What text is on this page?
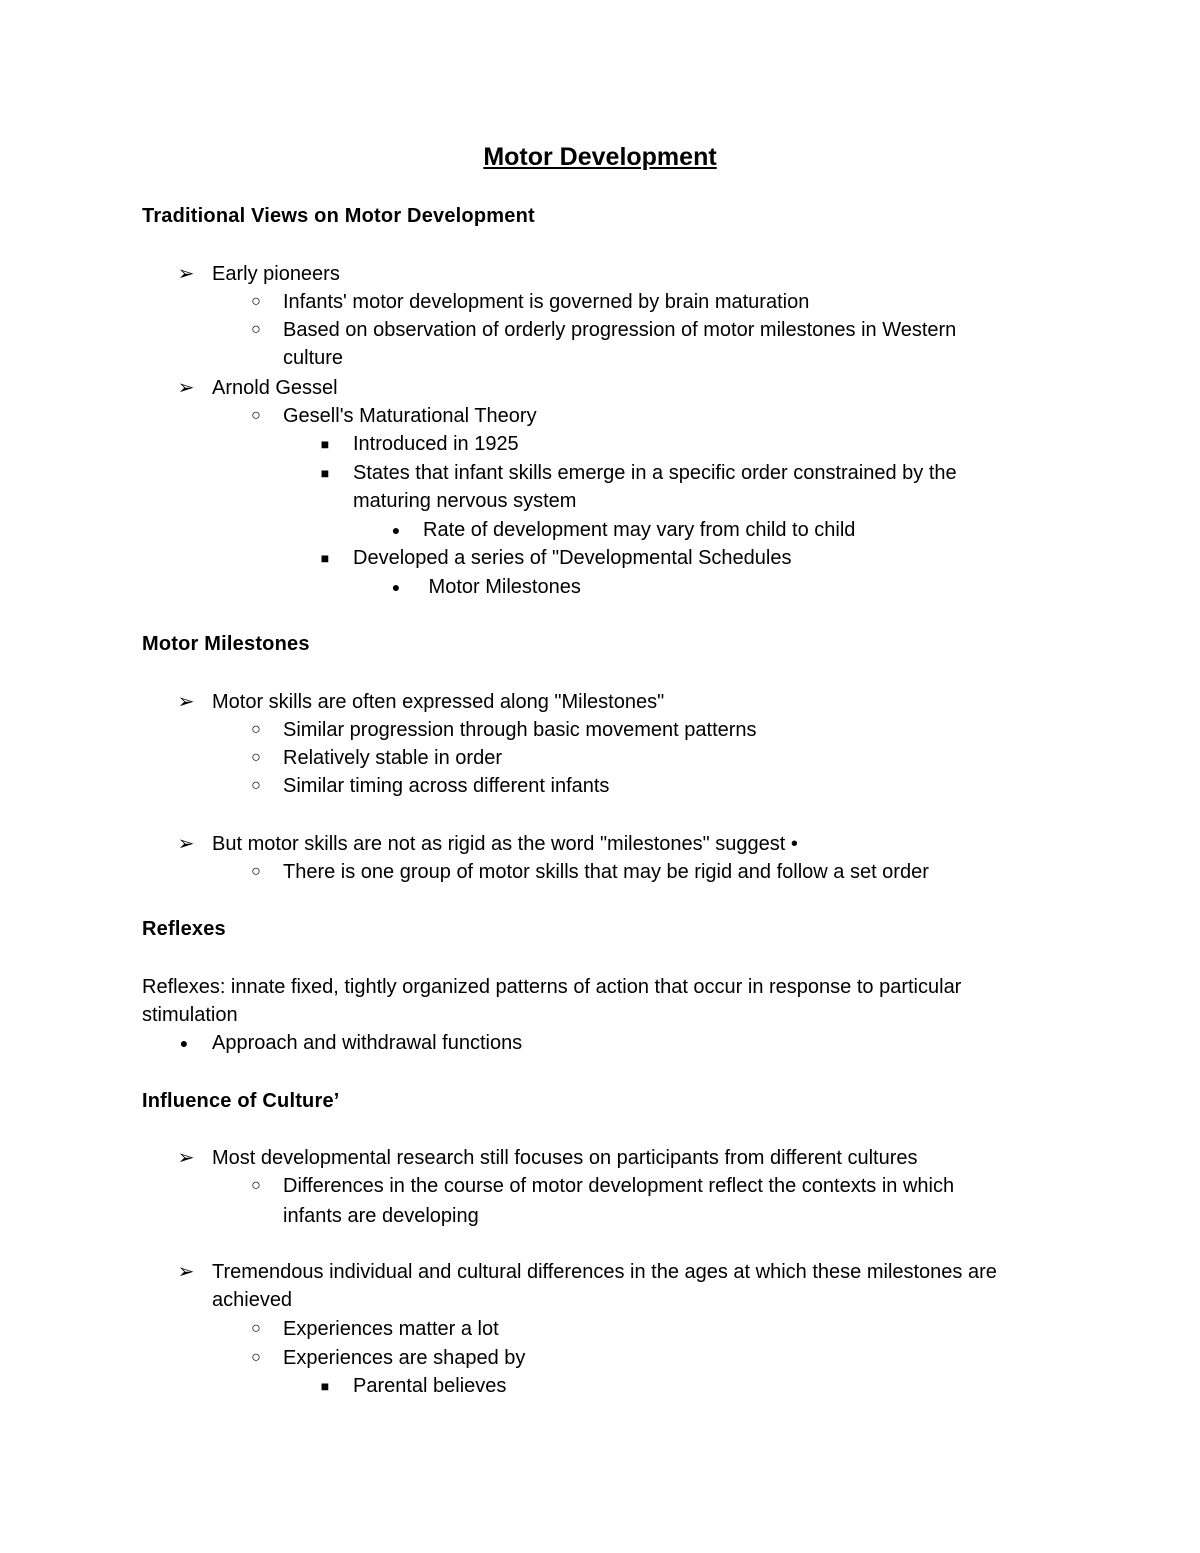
Motor Development
Traditional Views on Motor Development
➢ Early pioneers
○	Infants' motor development is governed by brain maturation
○	Based on observation of orderly progression of motor milestones in Western
culture
➢ Arnold Gessel
○	Gesell's Maturational Theory
■	Introduced in 1925
■	States that infant skills emerge in a specific order constrained by the
maturing nervous system
●	Rate of development may vary from child to child
■	Developed a series of "Developmental Schedules
●	Motor Milestones
Motor Milestones
➢ Motor skills are often expressed along "Milestones"
○	Similar progression through basic movement patterns
○	Relatively stable in order
○	Similar timing across different infants
➢ But motor skills are not as rigid as the word "milestones" suggest •
○	There is one group of motor skills that may be rigid and follow a set order
Reflexes
Reflexes: innate fixed, tightly organized patterns of action that occur in response to particular
stimulation
●	Approach and withdrawal functions
Influence of Culture’
➢ Most developmental research still focuses on participants from different cultures
○	Differences in the course of motor development reflect the contexts in which
infants are developing
➢ Tremendous individual and cultural differences in the ages at which these milestones are
achieved
○	Experiences matter a lot
○	Experiences are shaped by
■	Parental believes
